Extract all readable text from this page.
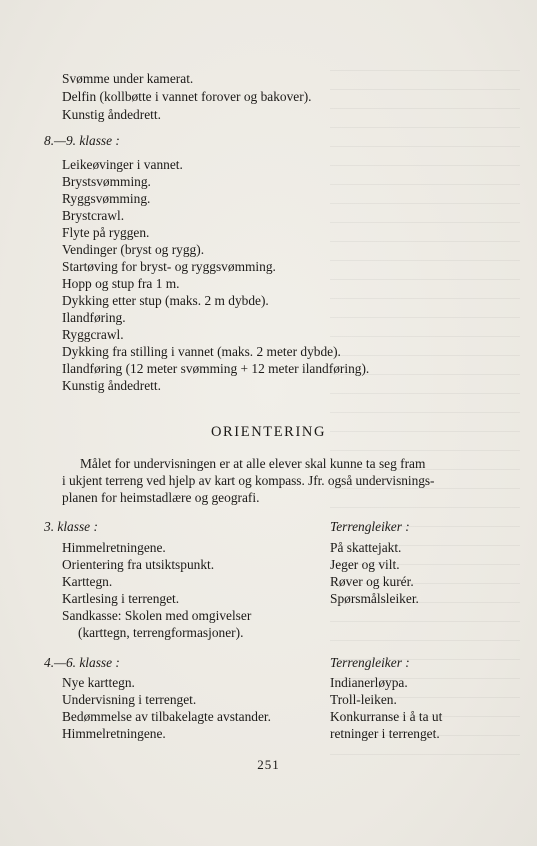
Svømme under kamerat.
Delfin (kollbøtte i vannet forover og bakover).
Kunstig åndedrett.
8.—9. klasse :
Leikeøvinger i vannet.
Brystsvømming.
Ryggsvømming.
Brystcrawl.
Flyte på ryggen.
Vendinger (bryst og rygg).
Startøving for bryst- og ryggsvømming.
Hopp og stup fra 1 m.
Dykking etter stup (maks. 2 m dybde).
Ilandføring.
Ryggcrawl.
Dykking fra stilling i vannet (maks. 2 meter dybde).
Ilandføring (12 meter svømming + 12 meter ilandføring).
Kunstig åndedrett.
ORIENTERING
Målet for undervisningen er at alle elever skal kunne ta seg fram
i ukjent terreng ved hjelp av kart og kompass. Jfr. også undervisnings-
planen for heimstadlære og geografi.
3. klasse :	Terrengleiker :
Himmelretningene.
Orientering fra utsiktspunkt.
Karttegn.
Kartlesing i terrenget.
Sandkasse: Skolen med omgivelser
(karttegn, terrengformasjoner).
På skattejakt.
Jeger og vilt.
Røver og kurér.
Spørsmålsleiker.
4.—6. klasse :	Terrengleiker :
Nye karttegn.
Undervisning i terrenget.
Bedømmelse av tilbakelagte avstander.
Himmelretningene.
Indianerløypa.
Troll-leiken.
Konkurranse i å ta ut
retninger i terrenget.
251
